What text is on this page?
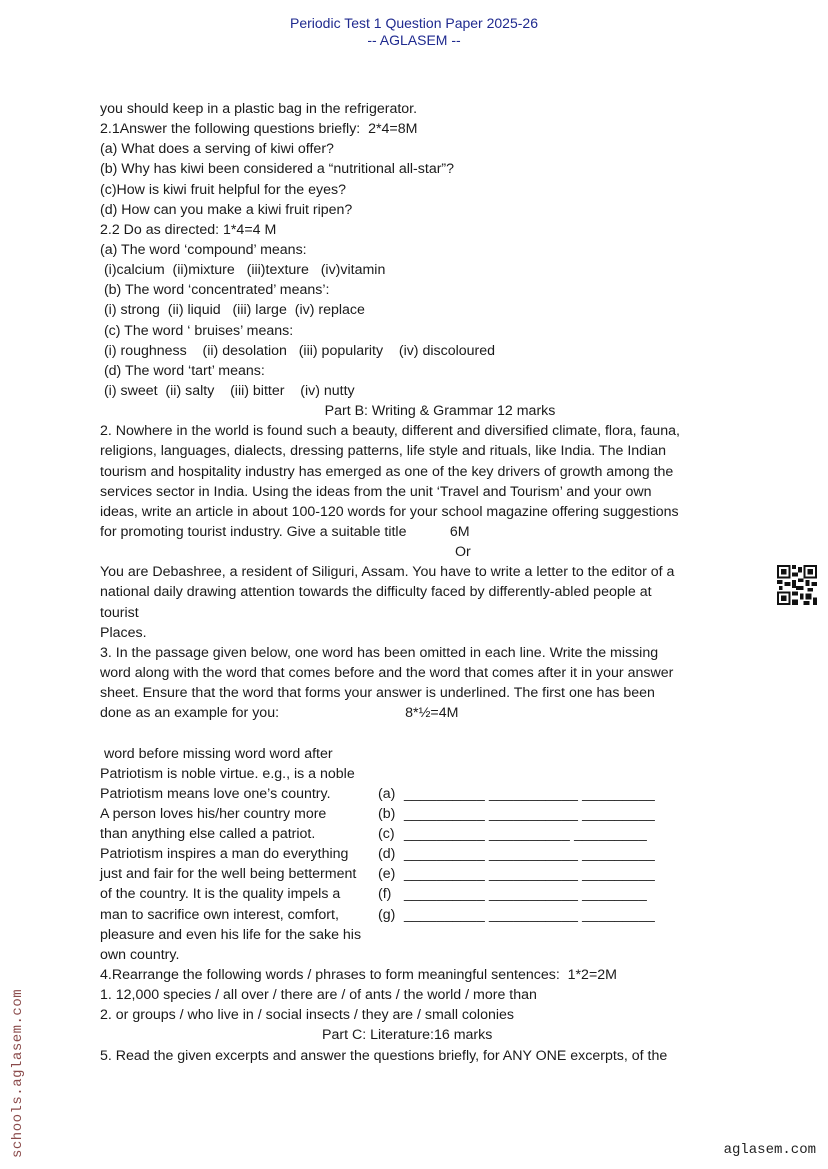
Periodic Test 1 Question Paper 2025-26
-- AGLASEM --
you should keep in a plastic bag in the refrigerator.
2.1Answer the following questions briefly:  2*4=8M
(a) What does a serving of kiwi offer?
(b) Why has kiwi been considered a “nutritional all-star”?
(c)How is kiwi fruit helpful for the eyes?
(d) How can you make a kiwi fruit ripen?
2.2 Do as directed: 1*4=4 M
(a) The word ‘compound’ means:
(i)calcium  (ii)mixture   (iii)texture   (iv)vitamin
(b) The word ‘concentrated’ means’:
(i) strong  (ii) liquid   (iii) large  (iv) replace
(c) The word ‘ bruises’ means:
(i) roughness    (ii) desolation   (iii) popularity    (iv) discoloured
(d) The word ‘tart’ means:
(i) sweet  (ii) salty    (iii) bitter    (iv) nutty
Part B: Writing & Grammar 12 marks
2. Nowhere in the world is found such a beauty, different and diversified climate, flora, fauna,
religions, languages, dialects, dressing patterns, life style and rituals, like India. The Indian
tourism and hospitality industry has emerged as one of the key drivers of growth among the
services sector in India. Using the ideas from the unit ‘Travel and Tourism’ and your own
ideas, write an article in about 100-120 words for your school magazine offering suggestions
for promoting tourist industry. Give a suitable title           6M
Or
You are Debashree, a resident of Siliguri, Assam. You have to write a letter to the editor of a
national daily drawing attention towards the difficulty faced by differently-abled people at
tourist
Places.
3. In the passage given below, one word has been omitted in each line. Write the missing
word along with the word that comes before and the word that comes after it in your answer
sheet. Ensure that the word that forms your answer is underlined. The first one has been
done as an example for you:                                8*½=4M
word before missing word word after
Patriotism is noble virtue. e.g., is a noble
Patriotism means love one’s country.	(a) __________ ___________ _________
A person loves his/her country more	(b) __________ ___________ _________
than anything else called a patriot.	(c) __________ __________ _________
Patriotism inspires a man do everything	(d) __________ ___________ _________
just and fair for the well being betterment	(e) __________ ___________ _________
of the country. It is the quality impels a	(f) __________ ___________ ________
man to sacrifice own interest, comfort,	(g) __________ ___________ _________
pleasure and even his life for the sake his
own country.
4.Rearrange the following words / phrases to form meaningful sentences:  1*2=2M
1. 12,000 species / all over / there are / of ants / the world / more than
2. or groups / who live in / social insects / they are / small colonies
Part C: Literature:16 marks
5. Read the given excerpts and answer the questions briefly, for ANY ONE excerpts, of the
schools.aglasem.com	aglasem.com
